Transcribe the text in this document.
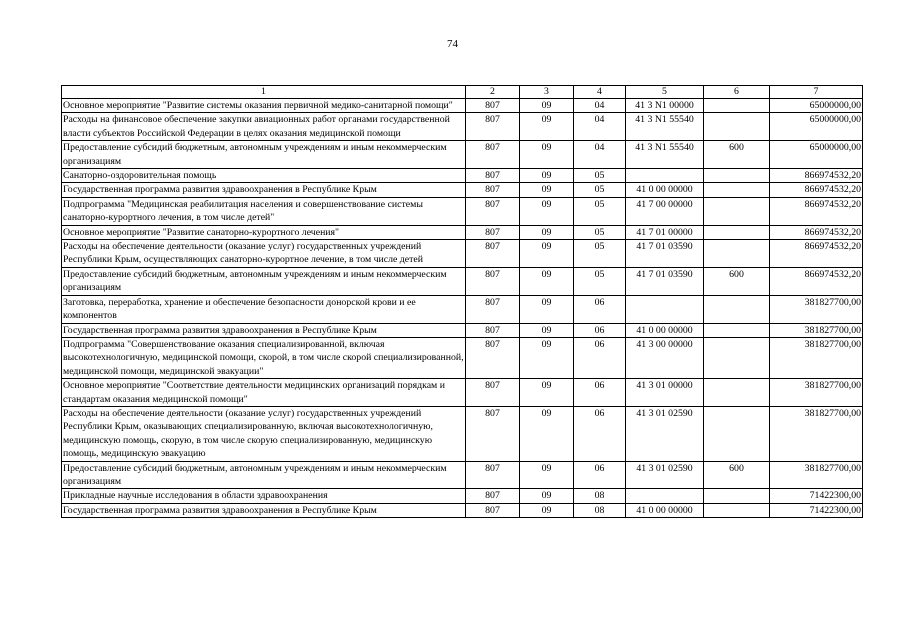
74
1	2	3	4	5	6	7
Основное мероприятие "Развитие системы оказания первичной медико-санитарной помощи"	807	09	04	41 3 N1 00000		65000000,00
Расходы на финансовое обеспечение закупки авиационных работ органами государственной власти субъектов Российской Федерации в целях оказания медицинской помощи	807	09	04	41 3 N1 55540		65000000,00
Предоставление субсидий бюджетным, автономным учреждениям и иным некоммерческим организациям	807	09	04	41 3 N1 55540	600	65000000,00
Санаторно-оздоровительная помощь	807	09	05			866974532,20
Государственная программа развития здравоохранения в Республике Крым	807	09	05	41 0 00 00000		866974532,20
Подпрограмма "Медицинская реабилитация населения и совершенствование системы санаторно-курортного лечения, в том числе детей"	807	09	05	41 7 00 00000		866974532,20
Основное мероприятие "Развитие санаторно-курортного лечения"	807	09	05	41 7 01 00000		866974532,20
Расходы на обеспечение деятельности (оказание услуг) государственных учреждений Республики Крым, осуществляющих санаторно-курортное лечение, в том числе детей	807	09	05	41 7 01 03590		866974532,20
Предоставление субсидий бюджетным, автономным учреждениям и иным некоммерческим организациям	807	09	05	41 7 01 03590	600	866974532,20
Заготовка, переработка, хранение и обеспечение безопасности донорской крови и ее компонентов	807	09	06			381827700,00
Государственная программа развития здравоохранения в Республике Крым	807	09	06	41 0 00 00000		381827700,00
Подпрограмма "Совершенствование оказания специализированной, включая высокотехнологичную, медицинской помощи, скорой, в том числе скорой специализированной, медицинской помощи, медицинской эвакуации"	807	09	06	41 3 00 00000		381827700,00
Основное мероприятие "Соответствие деятельности медицинских организаций порядкам и стандартам оказания медицинской помощи"	807	09	06	41 3 01 00000		381827700,00
Расходы на обеспечение деятельности (оказание услуг) государственных учреждений Республики Крым, оказывающих специализированную, включая высокотехнологичную, медицинскую помощь, скорую, в том числе скорую специализированную, медицинскую помощь, медицинскую эвакуацию	807	09	06	41 3 01 02590		381827700,00
Предоставление субсидий бюджетным, автономным учреждениям и иным некоммерческим организациям	807	09	06	41 3 01 02590	600	381827700,00
Прикладные научные исследования в области здравоохранения	807	09	08			71422300,00
Государственная программа развития здравоохранения в Республике Крым	807	09	08	41 0 00 00000		71422300,00
